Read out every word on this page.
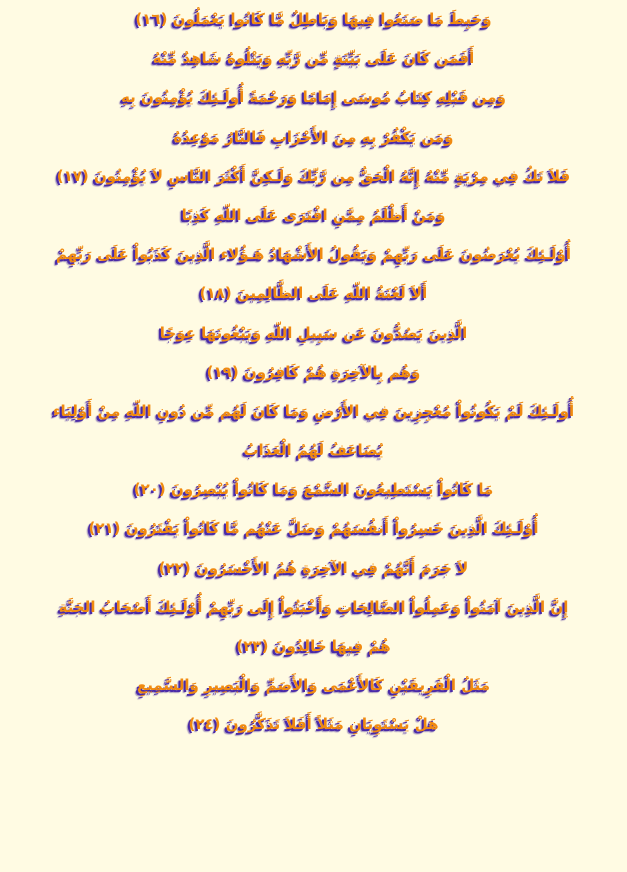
وَحَبِطَ مَا صَنَعُوا فِيهَا وَبَاطِلٌ مَّا كَانُوا يَعْمَلُونَ (١٦)
أَفَمَن كَانَ عَلَى بَيِّنَةٍ مِّن رَّبِّهِ وَيَتْلُوهُ شَاهِدٌ مِّنْهُ
وَمِن قَبْلِهِ كِتَابُ مُوسَى إِمَامًا وَرَحْمَةً أُولَـئِكَ يُؤْمِنُونَ بِهِ
وَمَن يَكْفُرْ بِهِ مِنَ الأَحْزَابِ فَالنَّارُ مَوْعِدُهُ
فَلاَ تَكُ فِي مِرْيَةٍ مِّنْهُ إِنَّهُ الْحَقُّ مِن رَّبِّكَ وَلَـكِنَّ أَكْثَرَ النَّاسِ لاَ يُؤْمِنُونَ (١٧)
وَمَنْ أَظْلَمُ مِمَّنِ افْتَرَى عَلَى اللّهِ كَذِبًا
أُوْلَـئِكَ يُعْرَضُونَ عَلَى رَبِّهِمْ وَيَقُولُ الأَشْهَادُ هَـؤُلاء الَّذِينَ كَذَبُواْ عَلَى رَبِّهِمْ
أَلاَ لَعْنَةُ اللّهِ عَلَى الظَّالِمِينَ (١٨)
الَّذِينَ يَصُدُّونَ عَن سَبِيلِ اللّهِ وَيَبْغُونَهَا عِوَجًا
وَهُم بِالآخِرَةِ هُمْ كَافِرُونَ (١٩)
أُولَـئِكَ لَمْ يَكُونُواْ مُعْجِزِينَ فِي الأَرْضِ وَمَا كَانَ لَهُم مِّن دُونِ اللّهِ مِنْ أَوْلِيَاء
يُضَاعَفُ لَهُمُ الْعَذَابُ
مَا كَانُواْ يَسْتَطِيعُونَ السَّمْعَ وَمَا كَانُواْ يُبْصِرُونَ (٢٠)
أُوْلَـئِكَ الَّذِينَ خَسِرُواْ أَنفُسَهُمْ وَضَلَّ عَنْهُم مَّا كَانُواْ يَفْتَرُونَ (٢١)
لاَ جَرَمَ أَنَّهُمْ فِي الآخِرَةِ هُمُ الأَخْسَرُونَ (٢٢)
إِنَّ الَّذِينَ آمَنُواْ وَعَمِلُواْ الصَّالِحَاتِ وَأَخْبَتُواْ إِلَى رَبِّهِمْ أُوْلَـئِكَ أَصْحَابُ الجَنَّةِ
هُمْ فِيهَا خَالِدُونَ (٢٣)
مَثَلُ الْفَرِيقَيْنِ كَالأَعْمَى وَالأَصَمِّ وَالْبَصِيرِ وَالسَّمِيعِ
هَلْ يَسْتَوِيَانِ مَثَلاً أَفَلاَ تَذَكَّرُونَ (٢٤)
